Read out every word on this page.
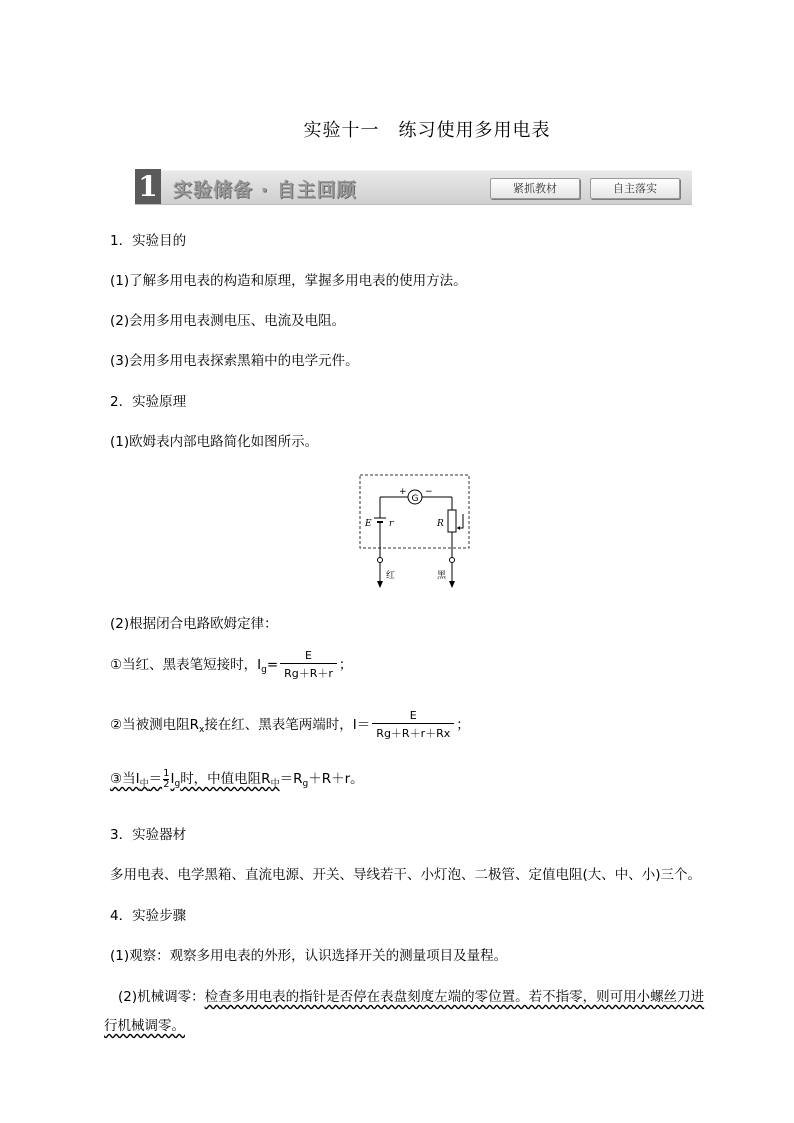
实验十一　练习使用多用电表
1 实验储备 · 自主回顾	紧抓教材	自主落实
1．实验目的
(1)了解多用电表的构造和原理，掌握多用电表的使用方法。
(2)会用多用电表测电压、电流及电阻。
(3)会用多用电表探索黑箱中的电学元件。
2．实验原理
(1)欧姆表内部电路简化如图所示。
G
+ −
E r	R
红	黑
(2)根据闭合电路欧姆定律：
①当红、黑表笔短接时，$I_g= \frac{E}{Rg+R+r}$ ；
②当被测电阻$R_x$接在红、黑表笔两端时，$I= \frac{E}{Rg+R+r+Rx}$ ；
③当$I_中= \frac{1}{2} I_g$时，中值电阻$R_中=R_g+R+r$。
3．实验器材
多用电表、电学黑箱、直流电源、开关、导线若干、小灯泡、二极管、定值电阻(大、中、小)三个。
4．实验步骤
(1)观察：观察多用电表的外形，认识选择开关的测量项目及量程。
(2)机械调零：检查多用电表的指针是否停在表盘刻度左端的零位置。若不指零，则可用小螺丝刀进
行机械调零。
